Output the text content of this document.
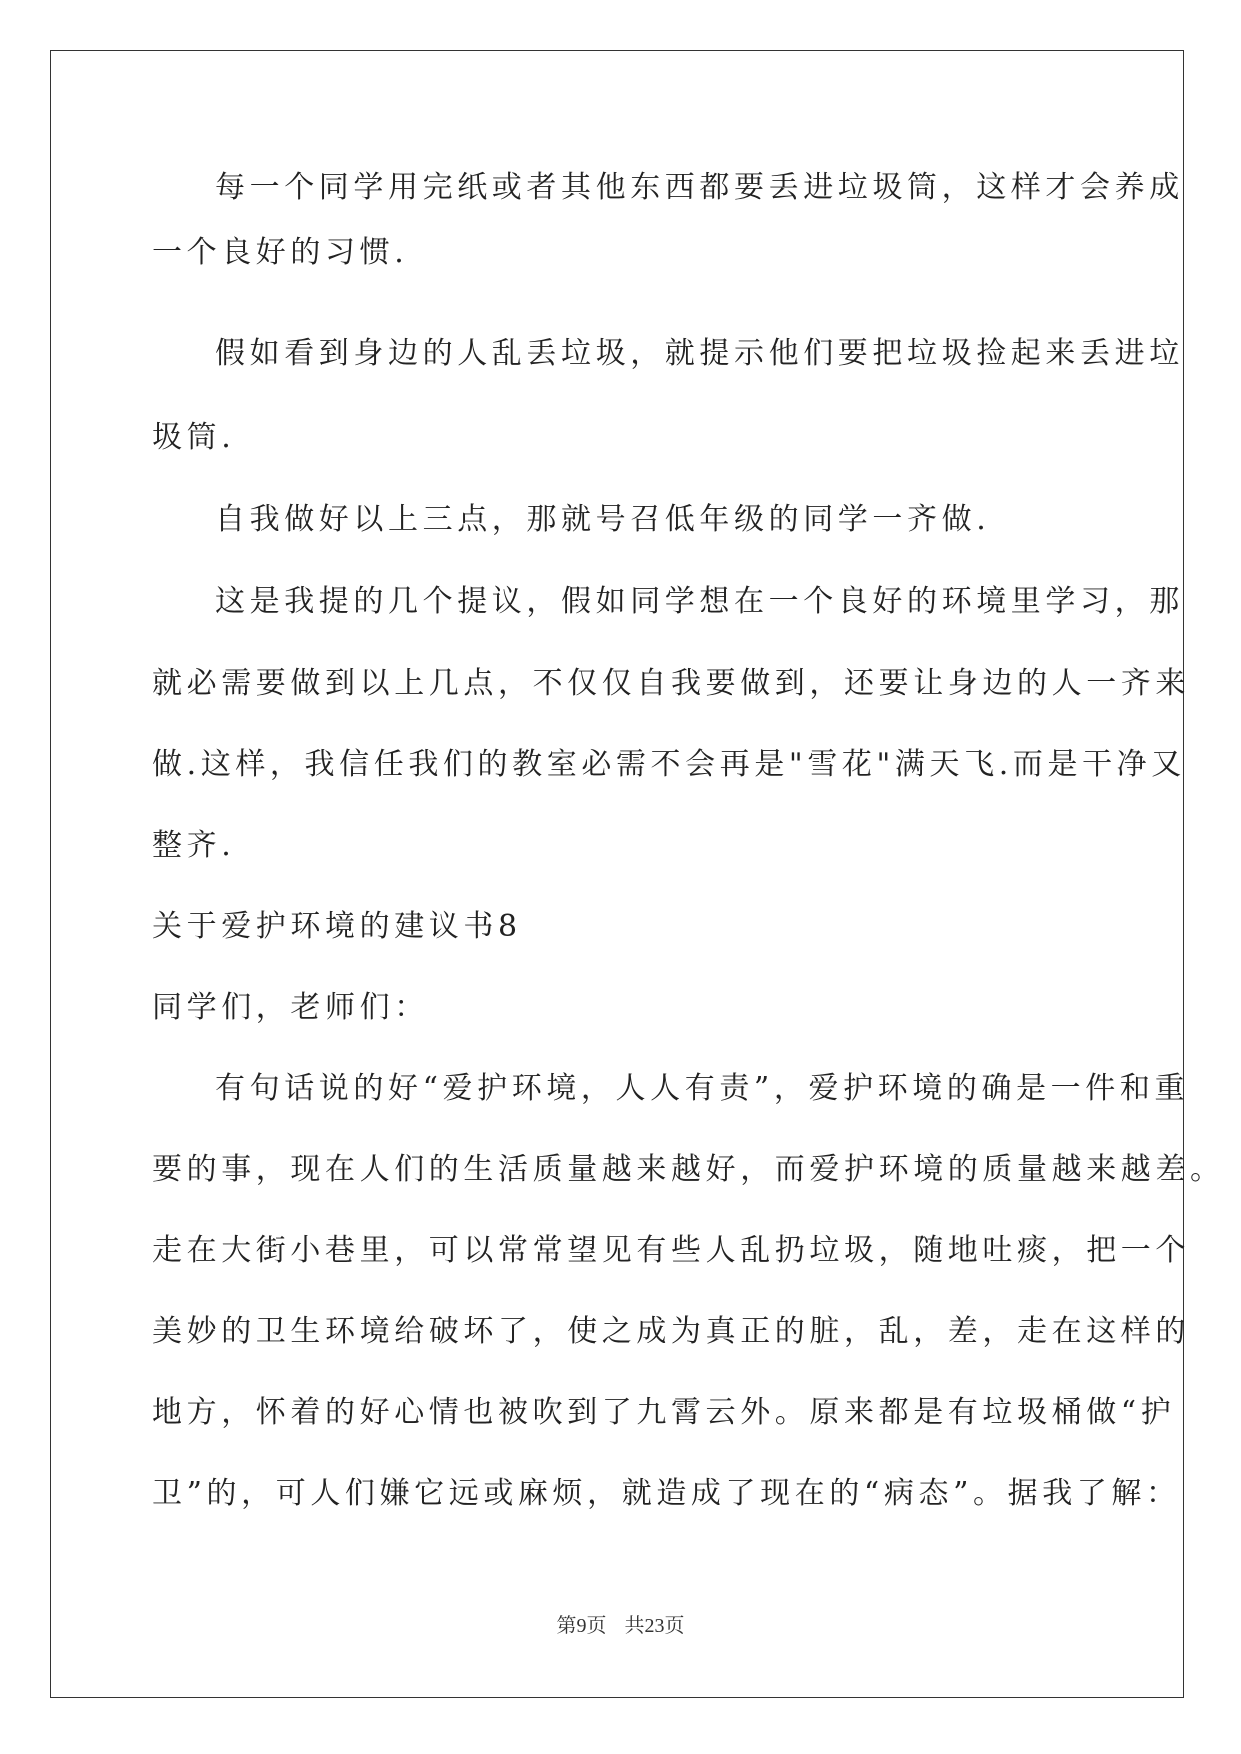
每一个同学用完纸或者其他东西都要丢进垃圾筒，这样才会养成
一个良好的习惯.
假如看到身边的人乱丢垃圾，就提示他们要把垃圾捡起来丢进垃
圾筒.
自我做好以上三点，那就号召低年级的同学一齐做.
这是我提的几个提议，假如同学想在一个良好的环境里学习，那
就必需要做到以上几点，不仅仅自我要做到，还要让身边的人一齐来
做.这样，我信任我们的教室必需不会再是"雪花"满天飞.而是干净又
整齐.
关于爱护环境的建议书8
同学们，老师们：
有句话说的好“爱护环境，人人有责”，爱护环境的确是一件和重
要的事，现在人们的生活质量越来越好，而爱护环境的质量越来越差。
走在大街小巷里，可以常常望见有些人乱扔垃圾，随地吐痰，把一个
美妙的卫生环境给破坏了，使之成为真正的脏，乱，差，走在这样的
地方，怀着的好心情也被吹到了九霄云外。原来都是有垃圾桶做“护
卫”的，可人们嫌它远或麻烦，就造成了现在的“病态”。据我了解：
第9页 共23页
